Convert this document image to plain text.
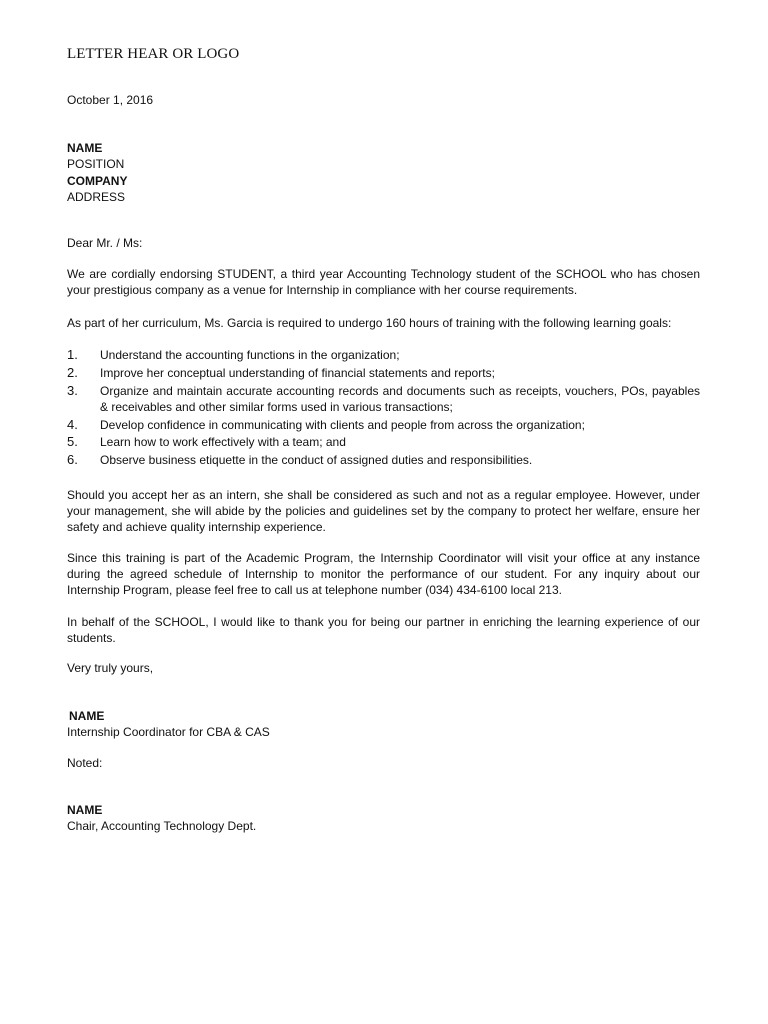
LETTER HEAR OR LOGO
October 1, 2016
NAME
POSITION
COMPANY
ADDRESS
Dear Mr. / Ms:
We are cordially endorsing STUDENT, a third year Accounting Technology student of the SCHOOL who has chosen your prestigious company as a venue for Internship in compliance with her course requirements.
As part of her curriculum, Ms. Garcia is required to undergo 160 hours of training with the following learning goals:
1.	Understand the accounting functions in the organization;
2.	Improve her conceptual understanding of financial statements and reports;
3.	Organize and maintain accurate accounting records and documents such as receipts, vouchers, POs, payables & receivables and other similar forms used in various transactions;
4.	Develop confidence in communicating with clients and people from across the organization;
5.	Learn how to work effectively with a team; and
6.	Observe business etiquette in the conduct of assigned duties and responsibilities.
Should you accept her as an intern, she shall be considered as such and not as a regular employee. However, under your management, she will abide by the policies and guidelines set by the company to protect her welfare, ensure her safety and achieve quality internship experience.
Since this training is part of the Academic Program, the Internship Coordinator will visit your office at any instance during the agreed schedule of Internship to monitor the performance of our student. For any inquiry about our Internship Program, please feel free to call us at telephone number (034) 434-6100 local 213.
In behalf of the SCHOOL, I would like to thank you for being our partner in enriching the learning experience of our students.
Very truly yours,
NAME
Internship Coordinator for CBA & CAS
Noted:
NAME
Chair, Accounting Technology Dept.
